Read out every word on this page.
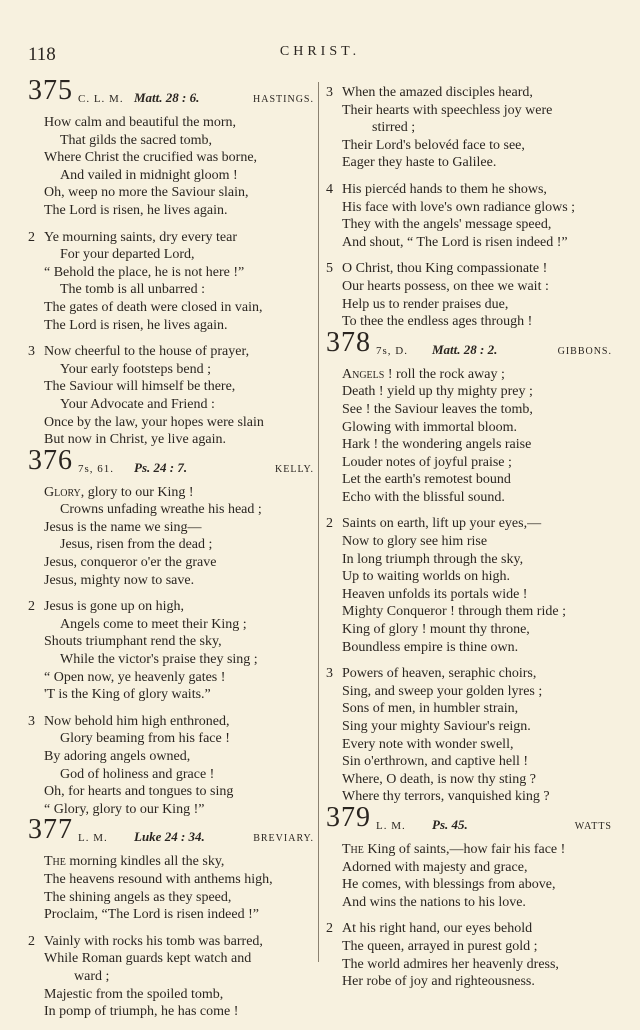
118	CHRIST.
375 C. L. M. Matt. 28 : 6.	HASTINGS.
How calm and beautiful the morn,
That gilds the sacred tomb,
Where Christ the crucified was borne,
And vailed in midnight gloom !
Oh, weep no more the Saviour slain,
The Lord is risen, he lives again.
2 Ye mourning saints, dry every tear
For your departed Lord,
“ Behold the place, he is not here !”
The tomb is all unbarred :
The gates of death were closed in vain,
The Lord is risen, he lives again.
3 Now cheerful to the house of prayer,
Your early footsteps bend ;
The Saviour will himself be there,
Your Advocate and Friend :
Once by the law, your hopes were slain
But now in Christ, ye live again.
376 7s, 61. Ps. 24 : 7.	KELLY.
Glory, glory to our King !
Crowns unfading wreathe his head ;
Jesus is the name we sing—
Jesus, risen from the dead ;
Jesus, conqueror o'er the grave
Jesus, mighty now to save.
2 Jesus is gone up on high,
Angels come to meet their King ;
Shouts triumphant rend the sky,
While the victor's praise they sing ;
“ Open now, ye heavenly gates !
'T is the King of glory waits.”
3 Now behold him high enthroned,
Glory beaming from his face !
By adoring angels owned,
God of holiness and grace !
Oh, for hearts and tongues to sing
“ Glory, glory to our King !”
377 L. M. Luke 24 : 34.	BREVIARY.
The morning kindles all the sky,
The heavens resound with anthems high,
The shining angels as they speed,
Proclaim, “The Lord is risen indeed !”
2 Vainly with rocks his tomb was barred,
While Roman guards kept watch and
ward ;
Majestic from the spoiled tomb,
In pomp of triumph, he has come !
3 When the amazed disciples heard,
Their hearts with speechless joy were
stirred ;
Their Lord's belovéd face to see,
Eager they haste to Galilee.
4 His piercéd hands to them he shows,
His face with love's own radiance glows ;
They with the angels' message speed,
And shout, “ The Lord is risen indeed !”
5 O Christ, thou King compassionate !
Our hearts possess, on thee we wait :
Help us to render praises due,
To thee the endless ages through !
378 7s, D. Matt. 28 : 2.	GIBBONS.
Angels ! roll the rock away ;
Death ! yield up thy mighty prey ;
See ! the Saviour leaves the tomb,
Glowing with immortal bloom.
Hark ! the wondering angels raise
Louder notes of joyful praise ;
Let the earth's remotest bound
Echo with the blissful sound.
2 Saints on earth, lift up your eyes,—
Now to glory see him rise
In long triumph through the sky,
Up to waiting worlds on high.
Heaven unfolds its portals wide !
Mighty Conqueror ! through them ride ;
King of glory ! mount thy throne,
Boundless empire is thine own.
3 Powers of heaven, seraphic choirs,
Sing, and sweep your golden lyres ;
Sons of men, in humbler strain,
Sing your mighty Saviour's reign.
Every note with wonder swell,
Sin o'erthrown, and captive hell !
Where, O death, is now thy sting ?
Where thy terrors, vanquished king ?
379 L. M. Ps. 45.	WATTS
The King of saints,—how fair his face !
Adorned with majesty and grace,
He comes, with blessings from above,
And wins the nations to his love.
2 At his right hand, our eyes behold
The queen, arrayed in purest gold ;
The world admires her heavenly dress,
Her robe of joy and righteousness.
